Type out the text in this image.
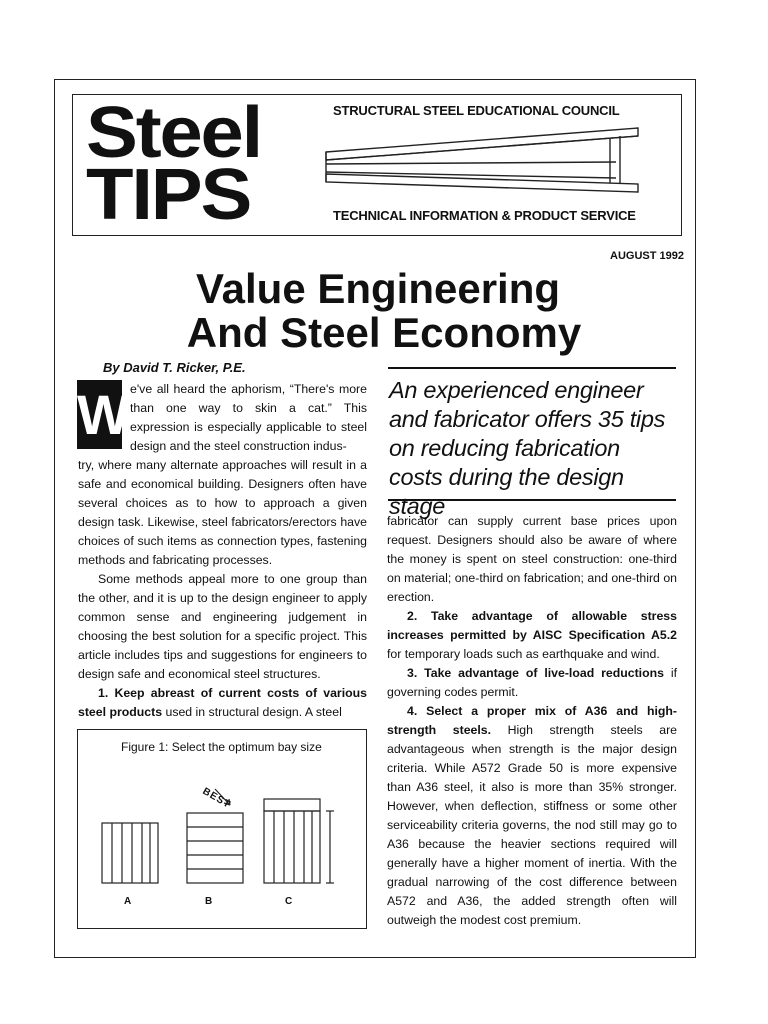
Steel
TIPS
STRUCTURAL STEEL EDUCATIONAL COUNCIL
TECHNICAL INFORMATION & PRODUCT SERVICE
AUGUST 1992
Value Engineering
And Steel Economy
By David T. Ricker, P.E.
W e've all heard the aphorism, “There's more than one way to skin a cat.” This expression is especially applicable to steel design and the steel construction indus-

try, where many alternate approaches will result in a safe and economical building. Designers often have several choices as to how to approach a given design task. Likewise, steel fabricators/erectors have choices of such items as connection types, fastening methods and fabricating processes.

Some methods appeal more to one group than the other, and it is up to the design engineer to apply common sense and engineering judgement in choosing the best solution for a specific project. This article includes tips and suggestions for engineers to design safe and economical steel structures.

1. Keep abreast of current costs of various steel products used in structural design. A steel

An experienced engineer and fabricator offers 35 tips on reducing fabrication costs during the design stage

fabricator can supply current base prices upon request. Designers should also be aware of where the money is spent on steel construction: one-third on material; one-third on fabrication; and one-third on erection.

2. Take advantage of allowable stress increases permitted by AISC Specification A5.2 for temporary loads such as earthquake and wind.

3. Take advantage of live-load reductions if governing codes permit.

4. Select a proper mix of A36 and high-strength steels. High strength steels are advantageous when strength is the major design criteria. While A572 Grade 50 is more expensive than A36 steel, it also is more than 35% stronger. However, when deflection, stiffness or some other serviceability criteria governs, the nod still may go to A36 because the heavier sections required will generally have a higher moment of inertia. With the gradual narrowing of the cost difference between A572 and A36, the added strength often will outweigh the modest cost premium.

Figure 1: Select the optimum bay size
BEST
A	B	C
